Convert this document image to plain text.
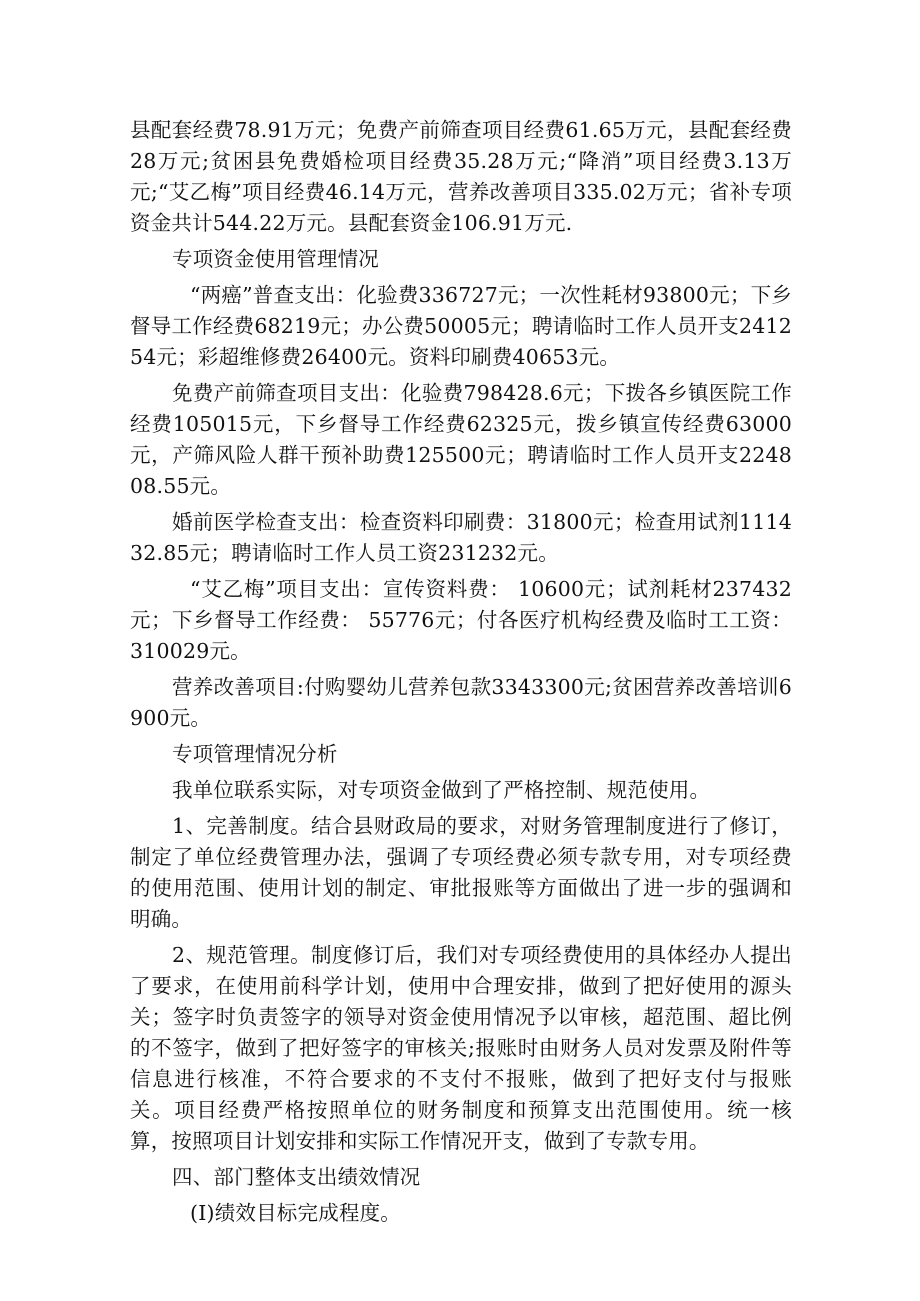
县配套经费78.91万元；免费产前筛查项目经费61.65万元，县配套经费28万元;贫困县免费婚检项目经费35.28万元;“降消”项目经费3.13万元;“艾乙梅”项目经费46.14万元，营养改善项目335.02万元；省补专项资金共计544.22万元。县配套资金106.91万元.

专项资金使用管理情况

“两癌”普查支出：化验费336727元；一次性耗材93800元；下乡督导工作经费68219元；办公费50005元；聘请临时工作人员开支241254元；彩超维修费26400元。资料印刷费40653元。

免费产前筛查项目支出：化验费798428.6元；下拨各乡镇医院工作经费105015元，下乡督导工作经费62325元，拨乡镇宣传经费63000元，产筛风险人群干预补助费125500元；聘请临时工作人员开支224808.55元。

婚前医学检查支出：检查资料印刷费：31800元；检查用试剂111432.85元；聘请临时工作人员工资231232元。

“艾乙梅”项目支出：宣传资料费： 10600元；试剂耗材237432元；下乡督导工作经费： 55776元；付各医疗机构经费及临时工工资：310029元。

营养改善项目:付购婴幼儿营养包款3343300元;贫困营养改善培训6900元。

专项管理情况分析

我单位联系实际，对专项资金做到了严格控制、规范使用。

1、完善制度。结合县财政局的要求，对财务管理制度进行了修订，制定了单位经费管理办法，强调了专项经费必须专款专用，对专项经费的使用范围、使用计划的制定、审批报账等方面做出了进一步的强调和明确。

2、规范管理。制度修订后，我们对专项经费使用的具体经办人提出了要求，在使用前科学计划，使用中合理安排，做到了把好使用的源头关；签字时负责签字的领导对资金使用情况予以审核，超范围、超比例的不签字，做到了把好签字的审核关;报账时由财务人员对发票及附件等信息进行核准，不符合要求的不支付不报账，做到了把好支付与报账关。项目经费严格按照单位的财务制度和预算支出范围使用。统一核算，按照项目计划安排和实际工作情况开支，做到了专款专用。

四、部门整体支出绩效情况

(I)绩效目标完成程度。
